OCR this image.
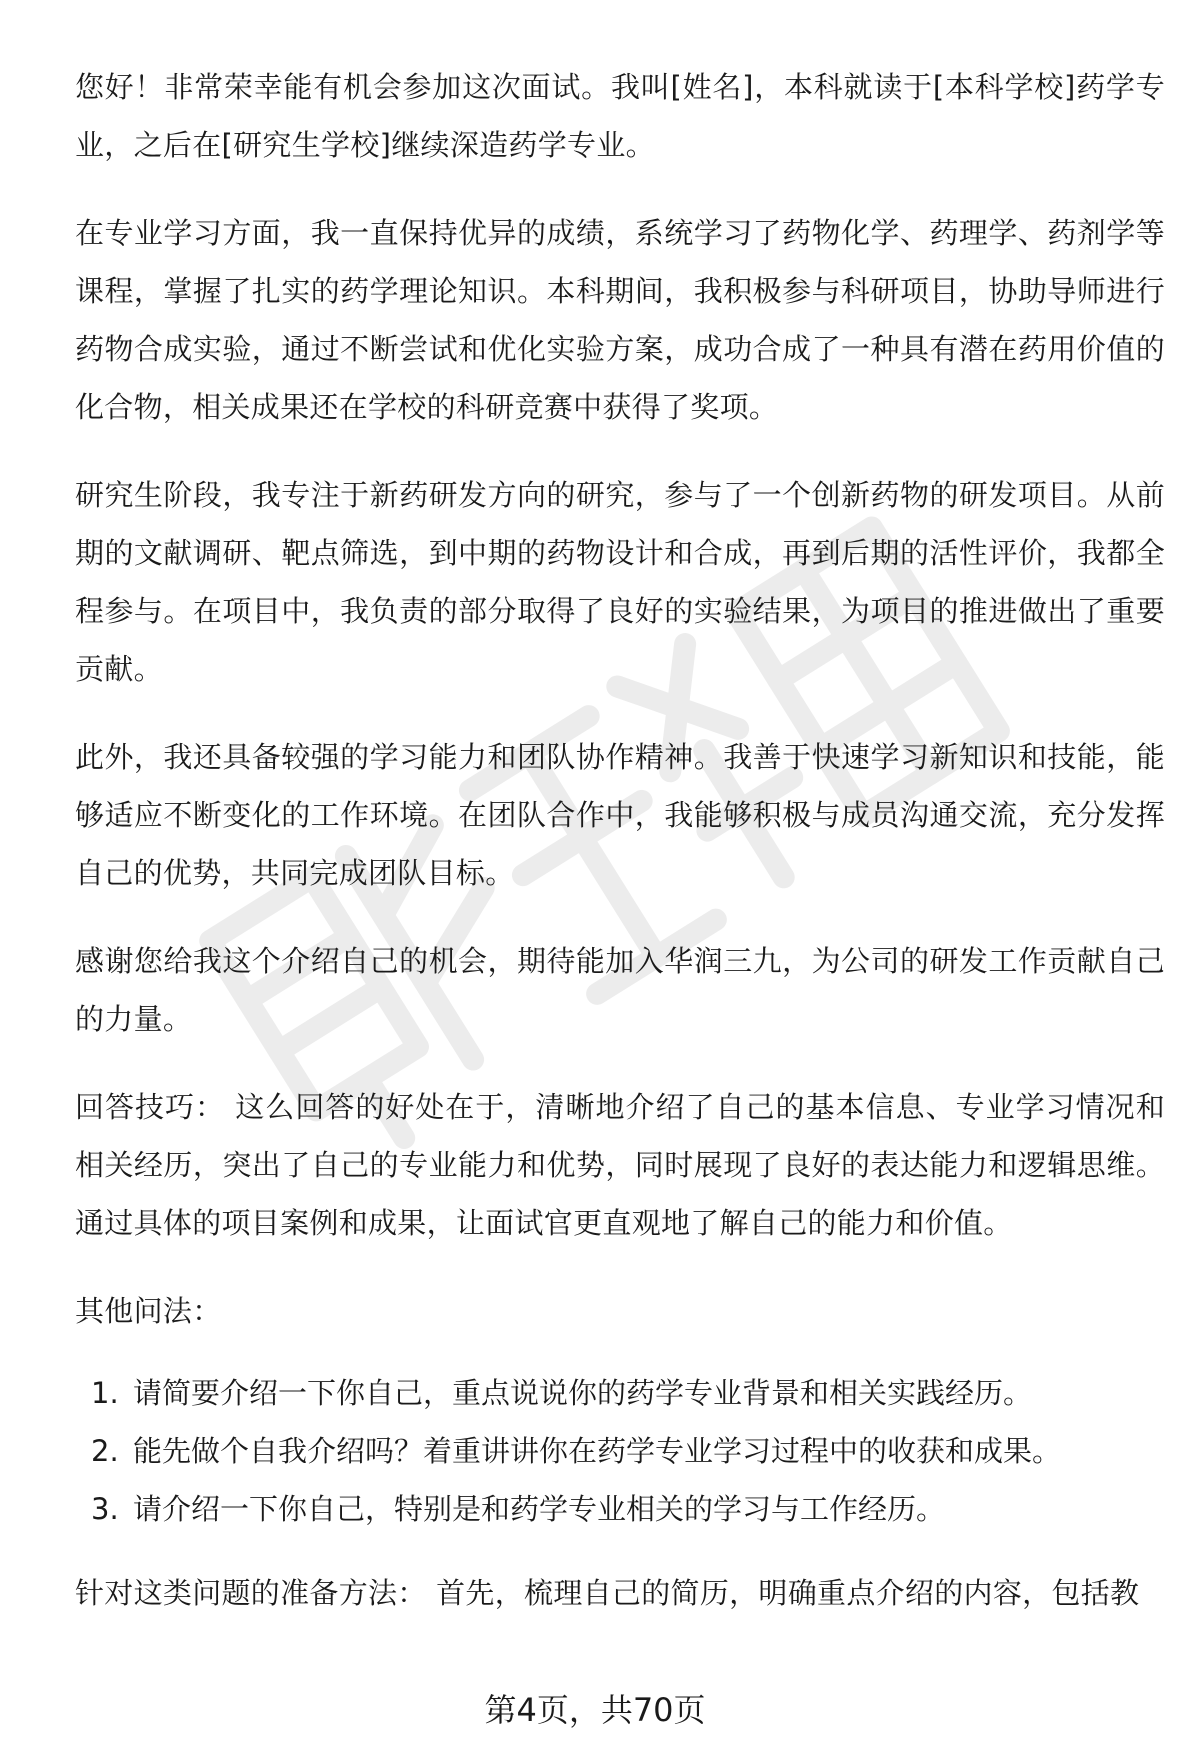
您好！非常荣幸能有机会参加这次面试。我叫[姓名]，本科就读于[本科学校]药学专业，之后在[研究生学校]继续深造药学专业。

在专业学习方面，我一直保持优异的成绩，系统学习了药物化学、药理学、药剂学等课程，掌握了扎实的药学理论知识。本科期间，我积极参与科研项目，协助导师进行药物合成实验，通过不断尝试和优化实验方案，成功合成了一种具有潜在药用价值的化合物，相关成果还在学校的科研竞赛中获得了奖项。

研究生阶段，我专注于新药研发方向的研究，参与了一个创新药物的研发项目。从前期的文献调研、靶点筛选，到中期的药物设计和合成，再到后期的活性评价，我都全程参与。在项目中，我负责的部分取得了良好的实验结果，为项目的推进做出了重要贡献。

此外，我还具备较强的学习能力和团队协作精神。我善于快速学习新知识和技能，能够适应不断变化的工作环境。在团队合作中，我能够积极与成员沟通交流，充分发挥自己的优势，共同完成团队目标。

感谢您给我这个介绍自己的机会，期待能加入华润三九，为公司的研发工作贡献自己的力量。

回答技巧： 这么回答的好处在于，清晰地介绍了自己的基本信息、专业学习情况和相关经历，突出了自己的专业能力和优势，同时展现了良好的表达能力和逻辑思维。通过具体的项目案例和成果，让面试官更直观地了解自己的能力和价值。

其他问法：

1. 请简要介绍一下你自己，重点说说你的药学专业背景和相关实践经历。
2. 能先做个自我介绍吗？着重讲讲你在药学专业学习过程中的收获和成果。
3. 请介绍一下你自己，特别是和药学专业相关的学习与工作经历。

针对这类问题的准备方法： 首先，梳理自己的简历，明确重点介绍的内容，包括教

第4页，共70页
